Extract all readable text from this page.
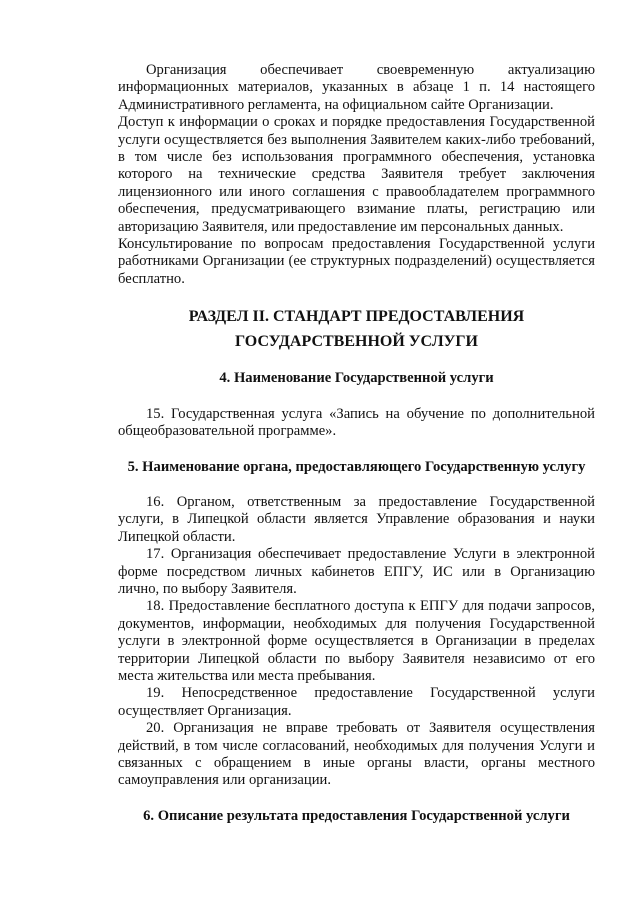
Организация обеспечивает своевременную актуализацию информационных материалов, указанных в абзаце 1 п. 14 настоящего Административного регламента, на официальном сайте Организации.

Доступ к информации о сроках и порядке предоставления Государственной услуги осуществляется без выполнения Заявителем каких-либо требований, в том числе без использования программного обеспечения, установка которого на технические средства Заявителя требует заключения лицензионного или иного соглашения с правообладателем программного обеспечения, предусматривающего взимание платы, регистрацию или авторизацию Заявителя, или предоставление им персональных данных.

Консультирование по вопросам предоставления Государственной услуги работниками Организации (ее структурных подразделений) осуществляется бесплатно.

РАЗДЕЛ II. СТАНДАРТ ПРЕДОСТАВЛЕНИЯ ГОСУДАРСТВЕННОЙ УСЛУГИ
4. Наименование Государственной услуги

15. Государственная услуга «Запись на обучение по дополнительной общеобразовательной программе».

5. Наименование органа, предоставляющего Государственную услугу

16. Органом, ответственным за предоставление Государственной услуги, в Липецкой области является Управление образования и науки Липецкой области.

17. Организация обеспечивает предоставление Услуги в электронной форме посредством личных кабинетов ЕПГУ, ИС или в Организацию лично, по выбору Заявителя.

18. Предоставление бесплатного доступа к ЕПГУ для подачи запросов, документов, информации, необходимых для получения Государственной услуги в электронной форме осуществляется в Организации в пределах территории Липецкой области по выбору Заявителя независимо от его места жительства или места пребывания.

19. Непосредственное предоставление Государственной услуги осуществляет Организация.

20. Организация не вправе требовать от Заявителя осуществления действий, в том числе согласований, необходимых для получения Услуги и связанных с обращением в иные органы власти, органы местного самоуправления или организации.

6. Описание результата предоставления Государственной услуги
